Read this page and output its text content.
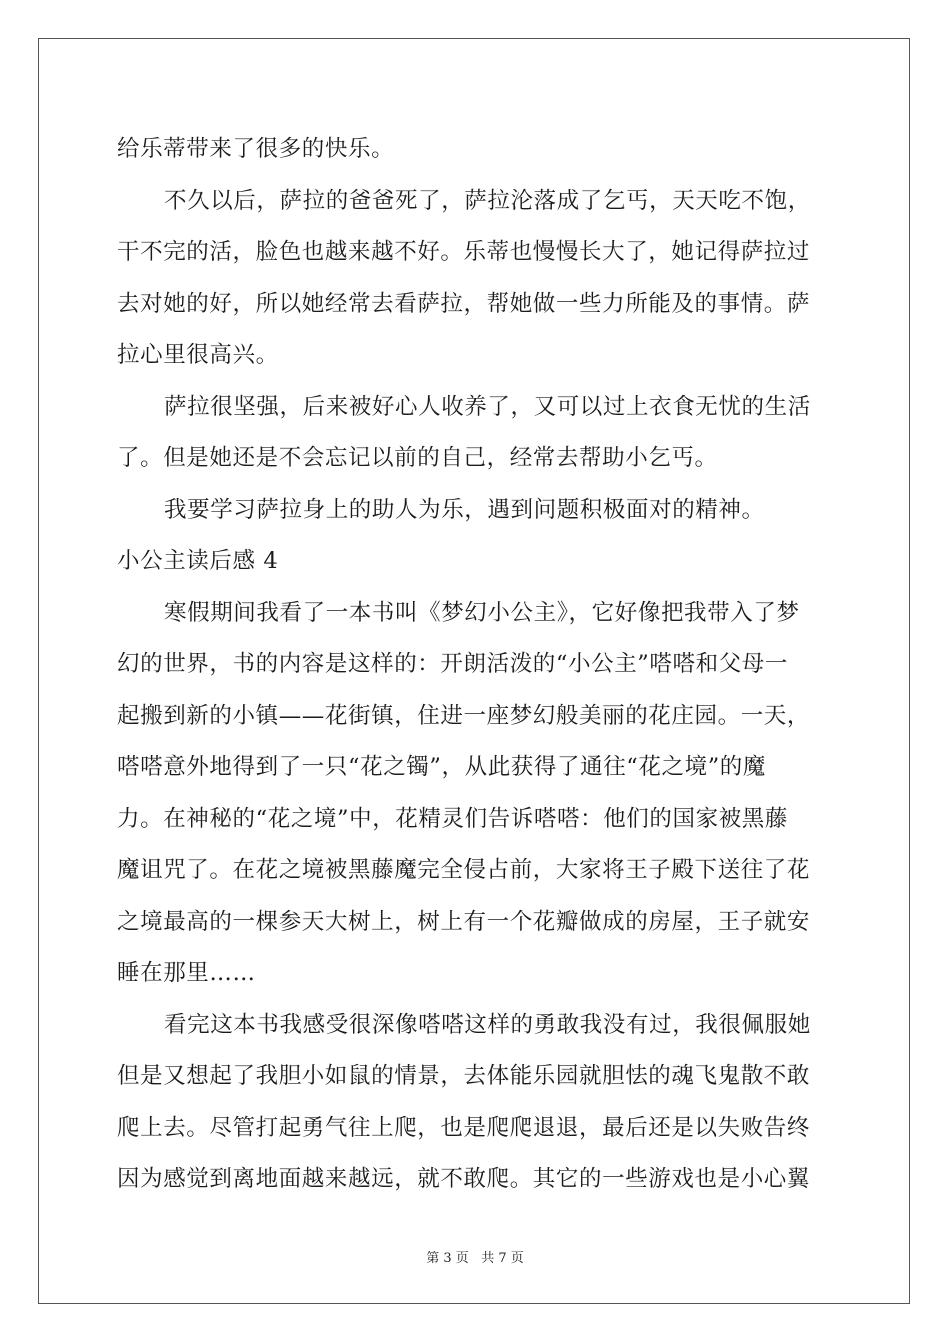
给乐蒂带来了很多的快乐。
不久以后，萨拉的爸爸死了，萨拉沦落成了乞丐，天天吃不饱，
干不完的活，脸色也越来越不好。乐蒂也慢慢长大了，她记得萨拉过
去对她的好，所以她经常去看萨拉，帮她做一些力所能及的事情。萨
拉心里很高兴。
萨拉很坚强，后来被好心人收养了，又可以过上衣食无忧的生活
了。但是她还是不会忘记以前的自己，经常去帮助小乞丐。
我要学习萨拉身上的助人为乐，遇到问题积极面对的精神。
小公主读后感 4
寒假期间我看了一本书叫《梦幻小公主》，它好像把我带入了梦
幻的世界，书的内容是这样的：开朗活泼的“小公主”嗒嗒和父母一
起搬到新的小镇——花街镇，住进一座梦幻般美丽的花庄园。一天，
嗒嗒意外地得到了一只“花之镯”，从此获得了通往“花之境”的魔
力。在神秘的“花之境”中，花精灵们告诉嗒嗒：他们的国家被黑藤
魔诅咒了。在花之境被黑藤魔完全侵占前，大家将王子殿下送往了花
之境最高的一棵参天大树上，树上有一个花瓣做成的房屋，王子就安
睡在那里……
看完这本书我感受很深像嗒嗒这样的勇敢我没有过，我很佩服她
但是又想起了我胆小如鼠的情景，去体能乐园就胆怯的魂飞鬼散不敢
爬上去。尽管打起勇气往上爬，也是爬爬退退，最后还是以失败告终
因为感觉到离地面越来越远，就不敢爬。其它的一些游戏也是小心翼
第 3 页 共 7 页
